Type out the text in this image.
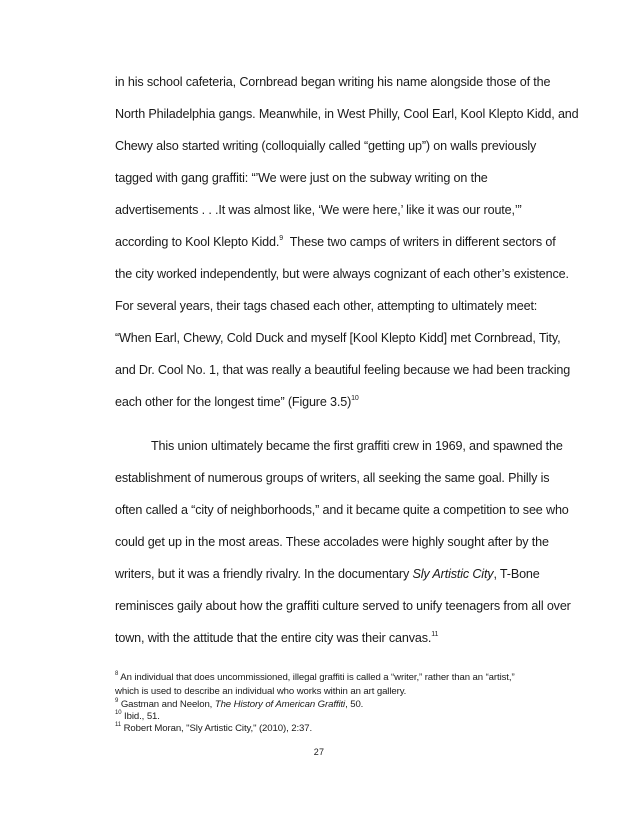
in his school cafeteria, Cornbread began writing his name alongside those of the
North Philadelphia gangs. Meanwhile, in West Philly, Cool Earl, Kool Klepto Kidd, and
Chewy also started writing (colloquially called “getting up”) on walls previously
tagged with gang graffiti: “’We were just on the subway writing on the
advertisements . . .It was almost like, ‘We were here,’ like it was our route,’”
according to Kool Klepto Kidd.$^9$ These two camps of writers in different sectors of
the city worked independently, but were always cognizant of each other’s existence.
For several years, their tags chased each other, attempting to ultimately meet:
“When Earl, Chewy, Cold Duck and myself [Kool Klepto Kidd] met Cornbread, Tity,
and Dr. Cool No. 1, that was really a beautiful feeling because we had been tracking
each other for the longest time” (Figure 3.5)$^{10}$
This union ultimately became the first graffiti crew in 1969, and spawned the
establishment of numerous groups of writers, all seeking the same goal. Philly is
often called a “city of neighborhoods,” and it became quite a competition to see who
could get up in the most areas. These accolades were highly sought after by the
writers, but it was a friendly rivalry. In the documentary Sly Artistic City, T-Bone
reminisces gaily about how the graffiti culture served to unify teenagers from all over
town, with the attitude that the entire city was their canvas.$^{11}$
$^8$ An individual that does uncommissioned, illegal graffiti is called a “writer,” rather than an “artist,”
which is used to describe an individual who works within an art gallery.
$^9$ Gastman and Neelon, The History of American Graffiti, 50.
$^{10}$ Ibid., 51.
$^{11}$ Robert Moran, "Sly Artistic City," (2010), 2:37.
27
